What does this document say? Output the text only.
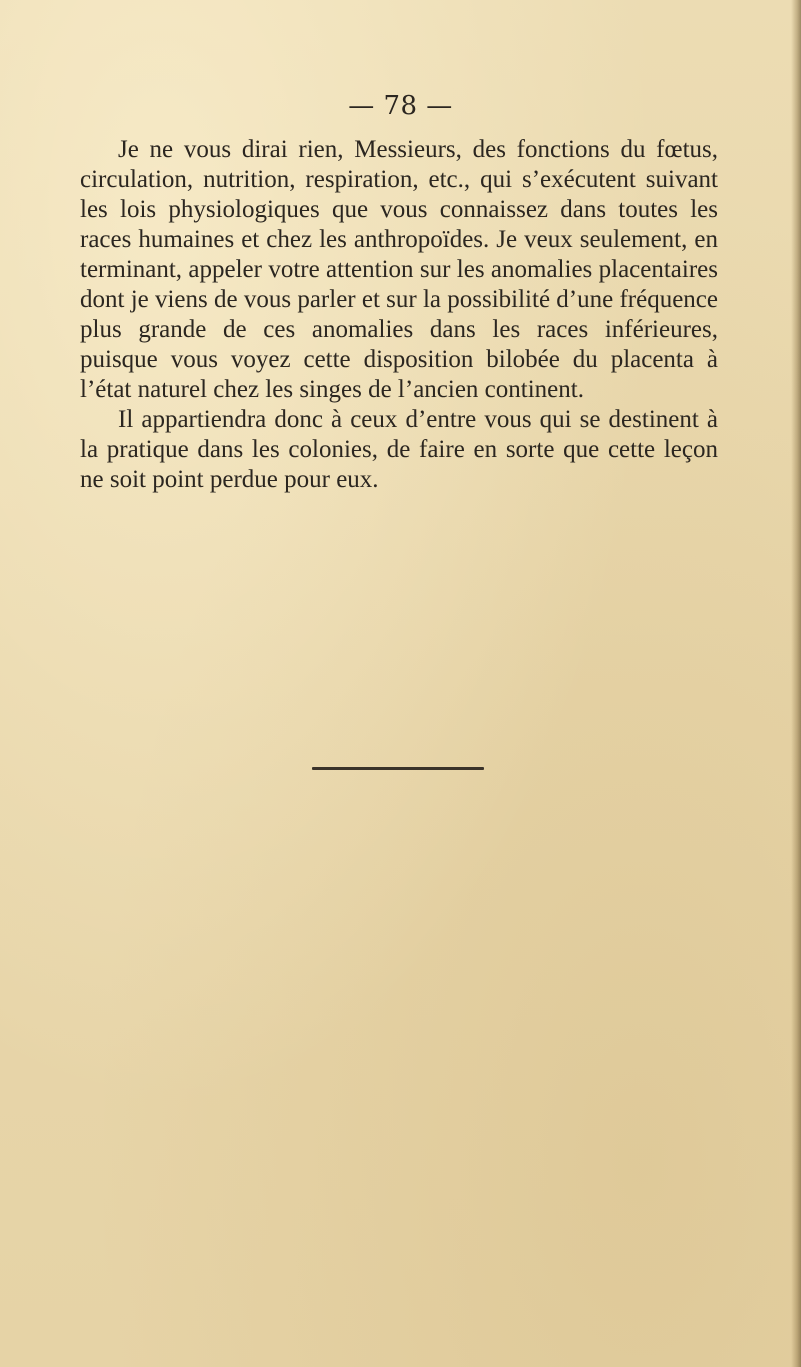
— 78 —

Je ne vous dirai rien, Messieurs, des fonctions du fœtus, circulation, nutrition, respiration, etc., qui s’exécutent suivant les lois physiologiques que vous connaissez dans toutes les races humaines et chez les anthropoïdes. Je veux seulement, en terminant, appeler votre attention sur les anomalies placentaires dont je viens de vous parler et sur la possibilité d’une fréquence plus grande de ces anomalies dans les races inférieures, puisque vous voyez cette disposition bilobée du placenta à l’état naturel chez les singes de l’ancien continent.

Il appartiendra donc à ceux d’entre vous qui se destinent à la pratique dans les colonies, de faire en sorte que cette leçon ne soit point perdue pour eux.
